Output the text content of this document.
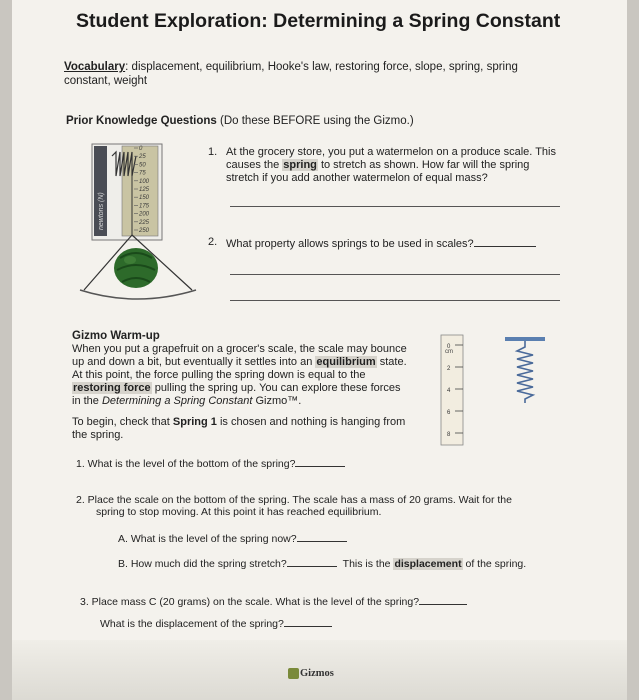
Student Exploration: Determining a Spring Constant
Vocabulary: displacement, equilibrium, Hooke's law, restoring force, slope, spring, spring constant, weight
Prior Knowledge Questions (Do these BEFORE using the Gizmo.)
newtons (N)
0
25
50
75
100
125
150
175
200
225
250
1. At the grocery store, you put a watermelon on a produce scale. This causes the spring to stretch as shown. How far will the spring stretch if you add another watermelon of equal mass?
2. What property allows springs to be used in scales?
Gizmo Warm-up
When you put a grapefruit on a grocer's scale, the scale may bounce up and down a bit, but eventually it settles into an equilibrium state. At this point, the force pulling the spring down is equal to the restoring force pulling the spring up. You can explore these forces in the Determining a Spring Constant Gizmo™.
To begin, check that Spring 1 is chosen and nothing is hanging from the spring.
cm
0
2
4
6
8
1. What is the level of the bottom of the spring?
2. Place the scale on the bottom of the spring. The scale has a mass of 20 grams. Wait for the
spring to stop moving. At this point it has reached equilibrium.
A. What is the level of the spring now?
B. How much did the spring stretch?	This is the displacement of the spring.
3. Place mass C (20 grams) on the scale. What is the level of the spring?
What is the displacement of the spring?
Gizmos
